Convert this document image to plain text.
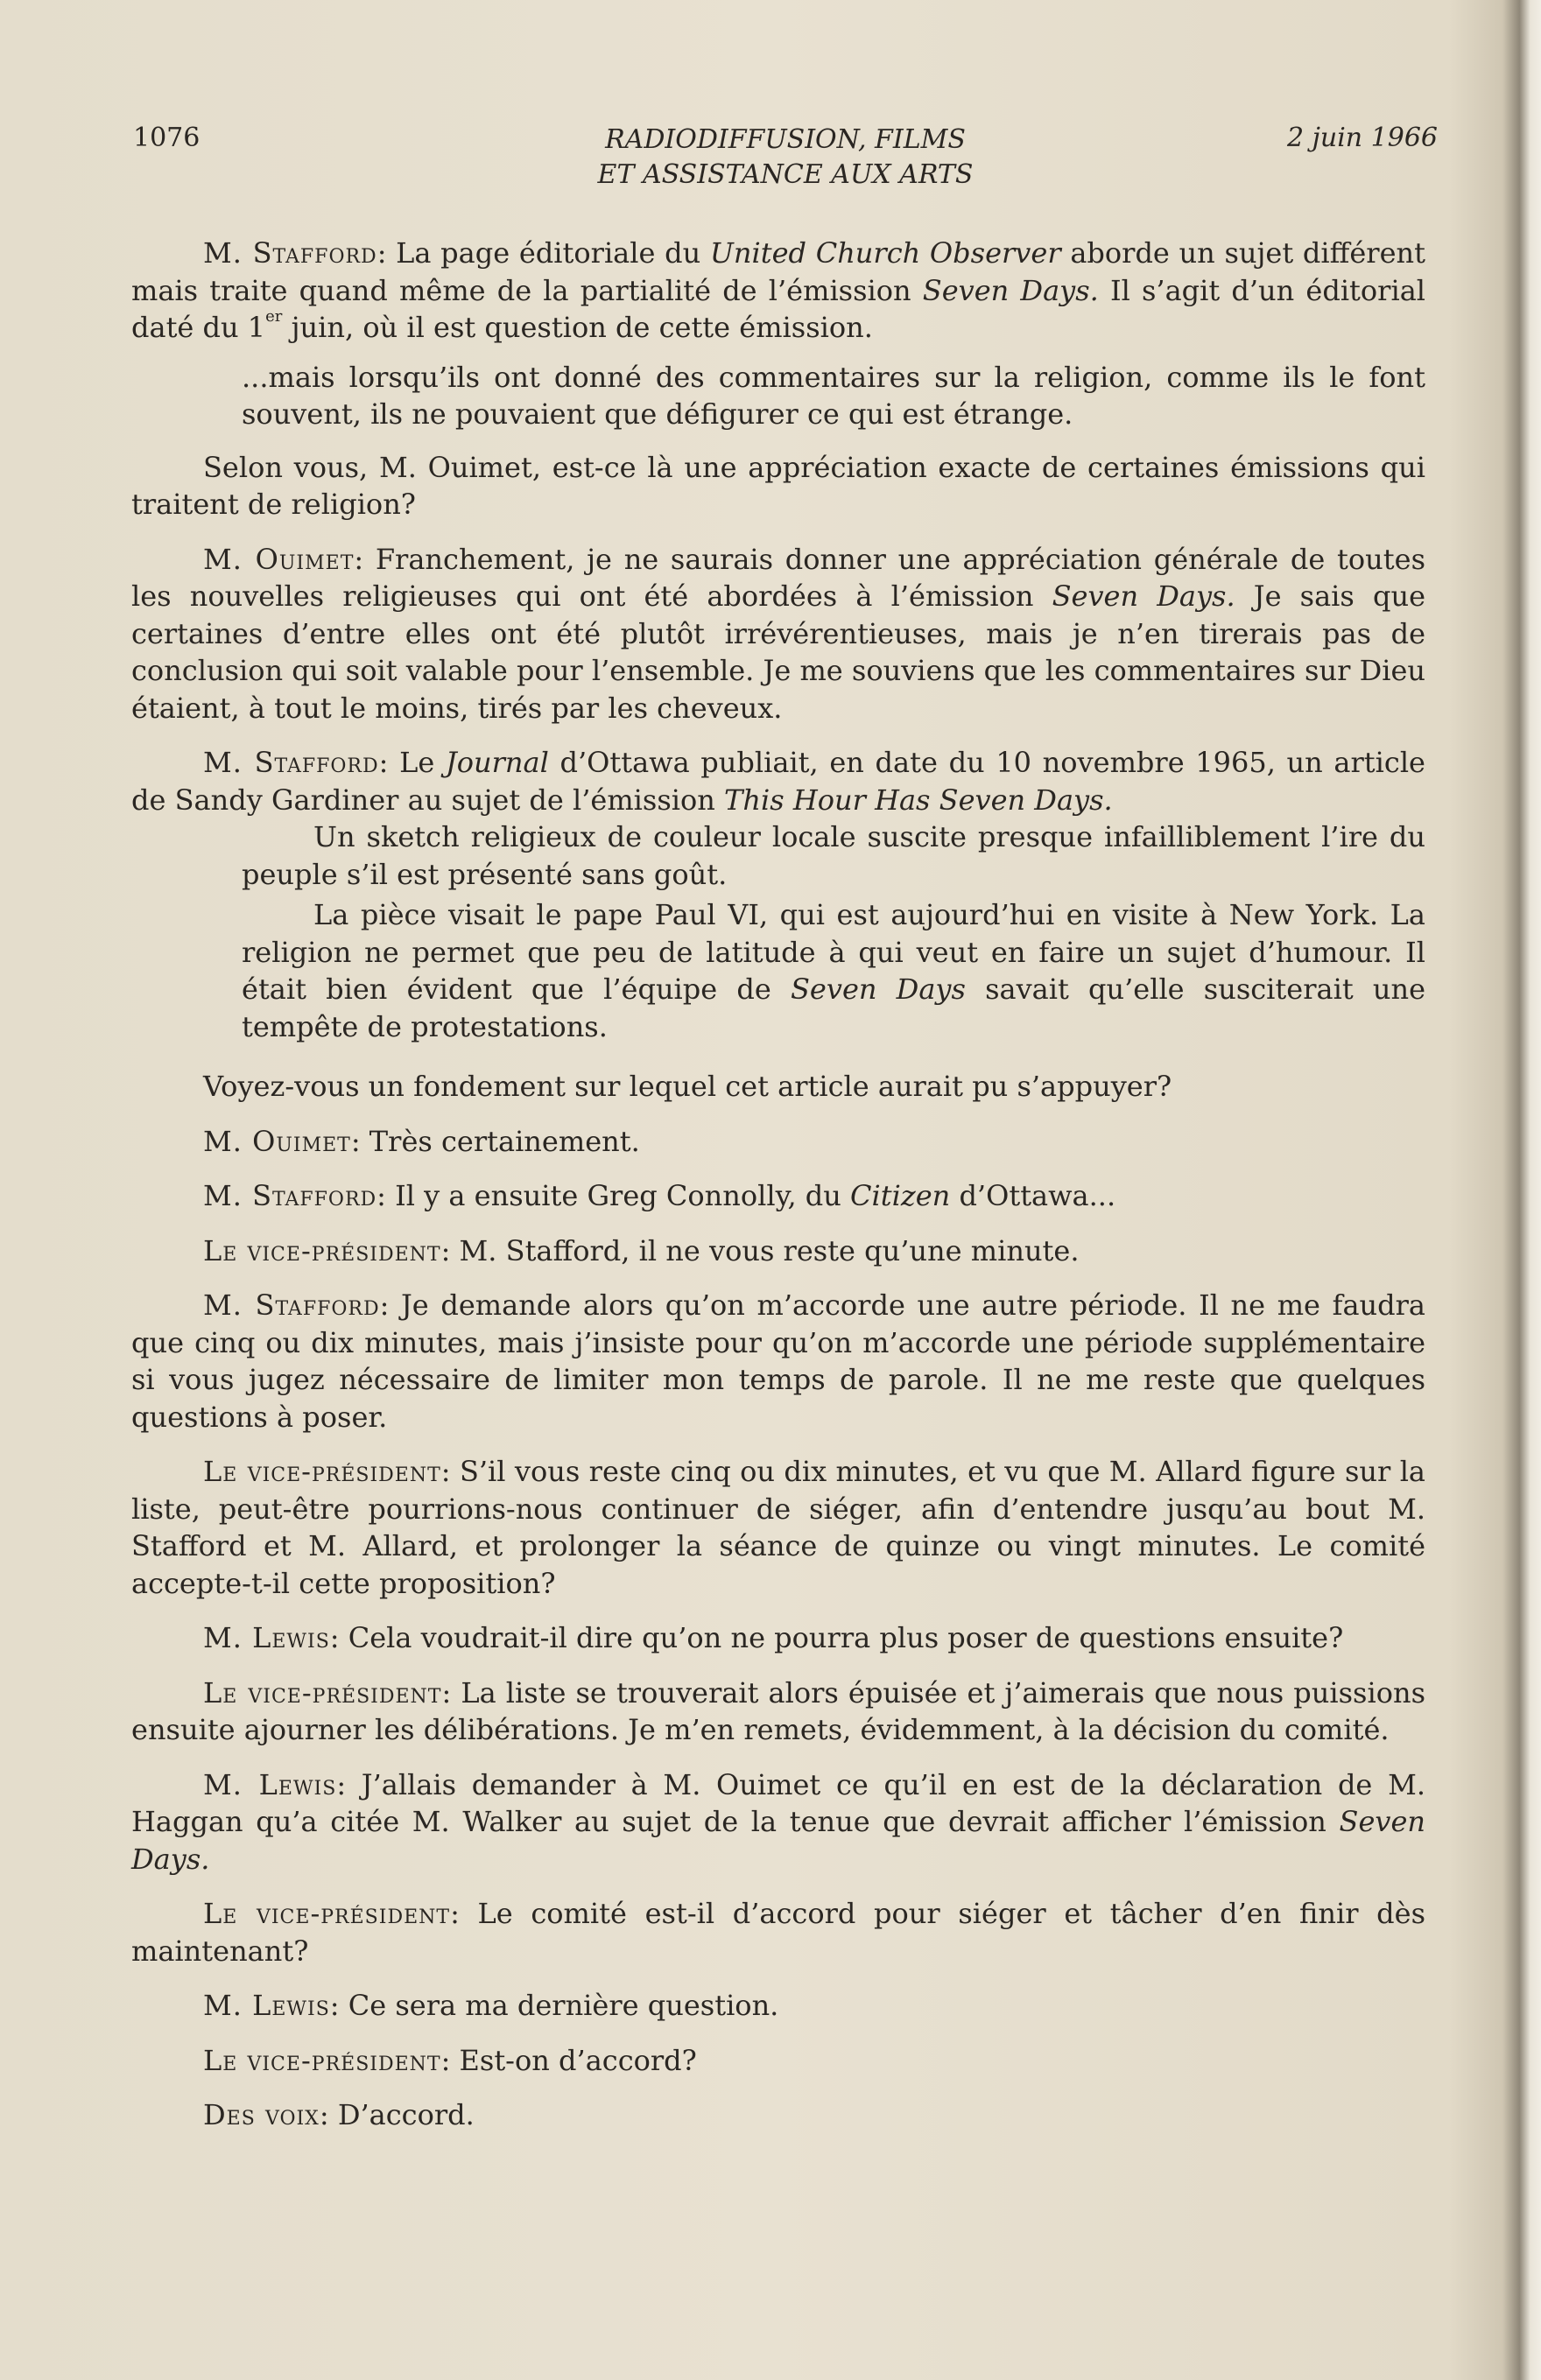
1076	RADIODIFFUSION, FILMS
ET ASSISTANCE AUX ARTS
2 juin 1966

M. Stafford: La page éditoriale du United Church Observer aborde un sujet différent mais traite quand même de la partialité de l’émission Seven Days. Il s’agit d’un éditorial daté du 1er juin, où il est question de cette émission.

...mais lorsqu’ils ont donné des commentaires sur la religion, comme ils le font souvent, ils ne pouvaient que défigurer ce qui est étrange.

Selon vous, M. Ouimet, est-ce là une appréciation exacte de certaines émissions qui traitent de religion?

M. Ouimet: Franchement, je ne saurais donner une appréciation générale de toutes les nouvelles religieuses qui ont été abordées à l’émission Seven Days. Je sais que certaines d’entre elles ont été plutôt irrévérentieuses, mais je n’en tirerais pas de conclusion qui soit valable pour l’ensemble. Je me souviens que les commentaires sur Dieu étaient, à tout le moins, tirés par les cheveux.

M. Stafford: Le Journal d’Ottawa publiait, en date du 10 novembre 1965, un article de Sandy Gardiner au sujet de l’émission This Hour Has Seven Days.

Un sketch religieux de couleur locale suscite presque infailliblement l’ire du peuple s’il est présenté sans goût.

La pièce visait le pape Paul VI, qui est aujourd’hui en visite à New York. La religion ne permet que peu de latitude à qui veut en faire un sujet d’humour. Il était bien évident que l’équipe de Seven Days savait qu’elle susciterait une tempête de protestations.

Voyez-vous un fondement sur lequel cet article aurait pu s’appuyer?

M. Ouimet: Très certainement.

M. Stafford: Il y a ensuite Greg Connolly, du Citizen d’Ottawa...

Le vice-président: M. Stafford, il ne vous reste qu’une minute.

M. Stafford: Je demande alors qu’on m’accorde une autre période. Il ne me faudra que cinq ou dix minutes, mais j’insiste pour qu’on m’accorde une période supplémentaire si vous jugez nécessaire de limiter mon temps de parole. Il ne me reste que quelques questions à poser.

Le vice-président: S’il vous reste cinq ou dix minutes, et vu que M. Allard figure sur la liste, peut-être pourrions-nous continuer de siéger, afin d’entendre jusqu’au bout M. Stafford et M. Allard, et prolonger la séance de quinze ou vingt minutes. Le comité accepte-t-il cette proposition?

M. Lewis: Cela voudrait-il dire qu’on ne pourra plus poser de questions ensuite?

Le vice-président: La liste se trouverait alors épuisée et j’aimerais que nous puissions ensuite ajourner les délibérations. Je m’en remets, évidemment, à la décision du comité.

M. Lewis: J’allais demander à M. Ouimet ce qu’il en est de la déclaration de M. Haggan qu’a citée M. Walker au sujet de la tenue que devrait afficher l’émission Seven Days.

Le vice-président: Le comité est-il d’accord pour siéger et tâcher d’en finir dès maintenant?

M. Lewis: Ce sera ma dernière question.

Le vice-président: Est-on d’accord?

Des voix: D’accord.
